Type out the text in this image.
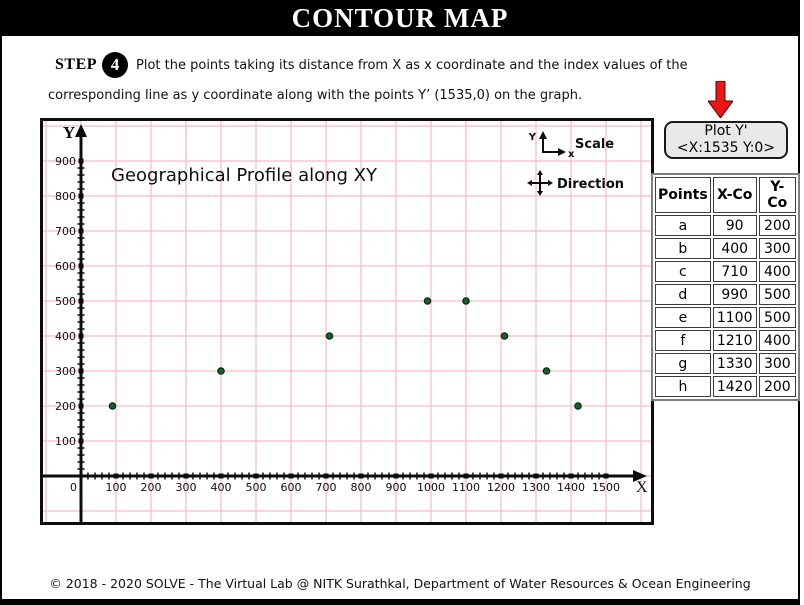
CONTOUR MAP
STEP 4	Plot the points taking its distance from X as x coordinate and the index values of the
corresponding line as y coordinate along with the points Y’ (1535,0) on the graph.
Plot Y'
<X:1535 Y:0>
Y
X
0	100 200 300 400 500 600 700 800 900 1000 1100 1200 1300 1400 1500
100
200
300
400
500
600
700
800
900
Geographical Profile along XY
Y
x
Scale
Direction
Points	X-Co	Y-Co
a	90	200
b	400	300
c	710	400
d	990	500
e	1100	500
f	1210	400
g	1330	300
h	1420	200
© 2018 - 2020 SOLVE - The Virtual Lab @ NITK Surathkal, Department of Water Resources & Ocean Engineering
